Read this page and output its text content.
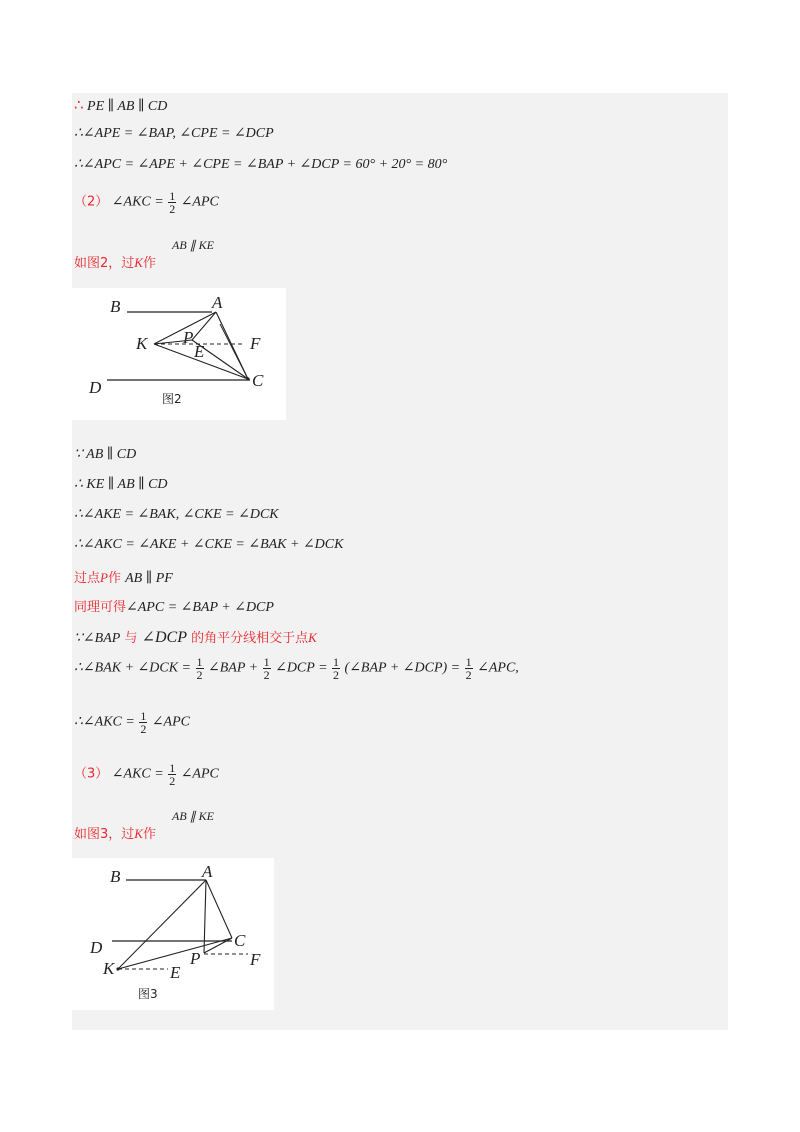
∴ PE ∥ AB ∥ CD
∴∠APE = ∠BAP, ∠CPE = ∠DCP
∴∠APC = ∠APE + ∠CPE = ∠BAP + ∠DCP = 60° + 20° = 80°
（2） ∠AKC = $\frac{1}{2}$ ∠APC
AB ∥ KE
如图2，过K作
B	A
P
K	E	F
D	C
图2
∵ AB ∥ CD
∴ KE ∥ AB ∥ CD
∴∠AKE = ∠BAK, ∠CKE = ∠DCK
∴∠AKC = ∠AKE + ∠CKE = ∠BAK + ∠DCK
过点P作 AB ∥ PF
同理可得∠APC = ∠BAP + ∠DCP
∵∠BAP 与 ∠DCP 的角平分线相交于点K
∴∠BAK + ∠DCK = $\frac{1}{2}$ ∠BAP + $\frac{1}{2}$ ∠DCP = $\frac{1}{2}$ (∠BAP + ∠DCP) = $\frac{1}{2}$ ∠APC,
∴∠AKC = $\frac{1}{2}$ ∠APC
（3） ∠AKC = $\frac{1}{2}$ ∠APC
AB ∥ KE
如图3，过K作
B	A
D	C
P	F
K	E
图3
